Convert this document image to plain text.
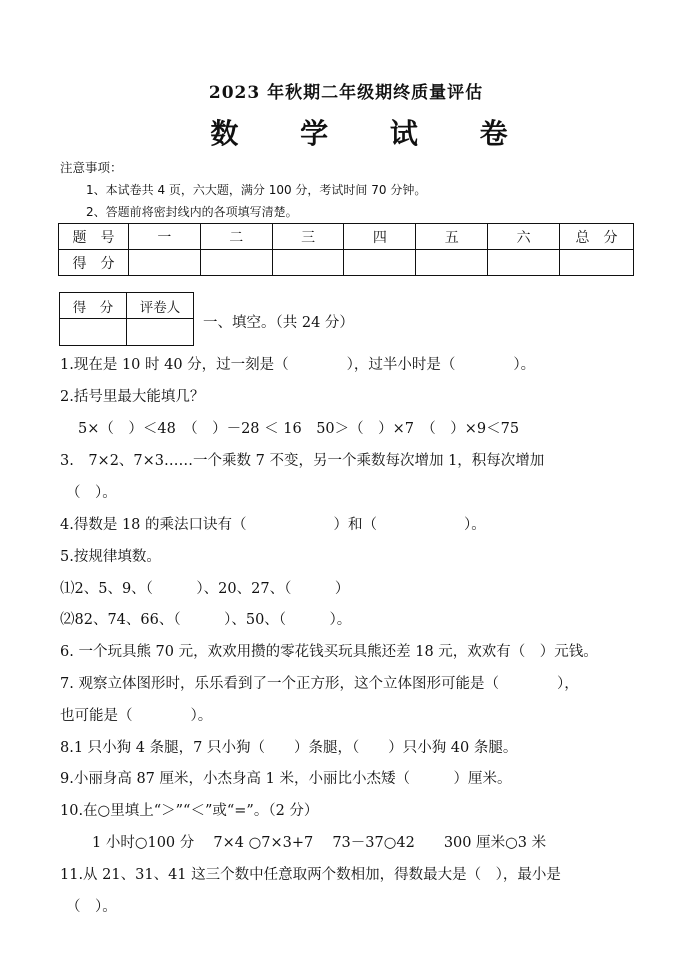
2023 年秋期二年级期终质量评估
数 学 试 卷
注意事项：
1、本试卷共 4 页，六大题，满分 100 分，考试时间 70 分钟。
2、答题前将密封线内的各项填写清楚。
题　号	一	二	三	四	五	六	总　分
得　分							
得　分	评卷人

一、填空。（共 24 分）
1.现在是 10 时 40 分，过一刻是（　　　　），过半小时是（　　　　）。
2.括号里最大能填几？
5×（　）＜48　（　）－28 ＜ 16　50＞（　）×7　（　）×9＜75
3.　7×2、7×3……一个乘数 7 不变，另一个乘数每次增加 1，积每次增加
（　）。
4.得数是 18 的乘法口诀有（　　　　　　）和（　　　　　　）。
5.按规律填数。
⑴2、5、9、（　　　）、20、27、（　　　）
⑵82、74、66、（　　　）、50、（　　　）。
6. 一个玩具熊 70 元，欢欢用攒的零花钱买玩具熊还差 18 元，欢欢有（　）元钱。
7. 观察立体图形时，乐乐看到了一个正方形，这个立体图形可能是（　　　　），
也可能是（　　　　）。
8.1 只小狗 4 条腿，7 只小狗（　　）条腿，（　　）只小狗 40 条腿。
9.小丽身高 87 厘米，小杰身高 1 米，小丽比小杰矮（　　　）厘米。
10.在○里填上“＞”“＜”或“=”。（2 分）
1 小时○100 分　 7×4 ○7×3+7　 73－37○42　　300 厘米○3 米
11.从 21、31、41 这三个数中任意取两个数相加，得数最大是（　），最小是
（　）。
